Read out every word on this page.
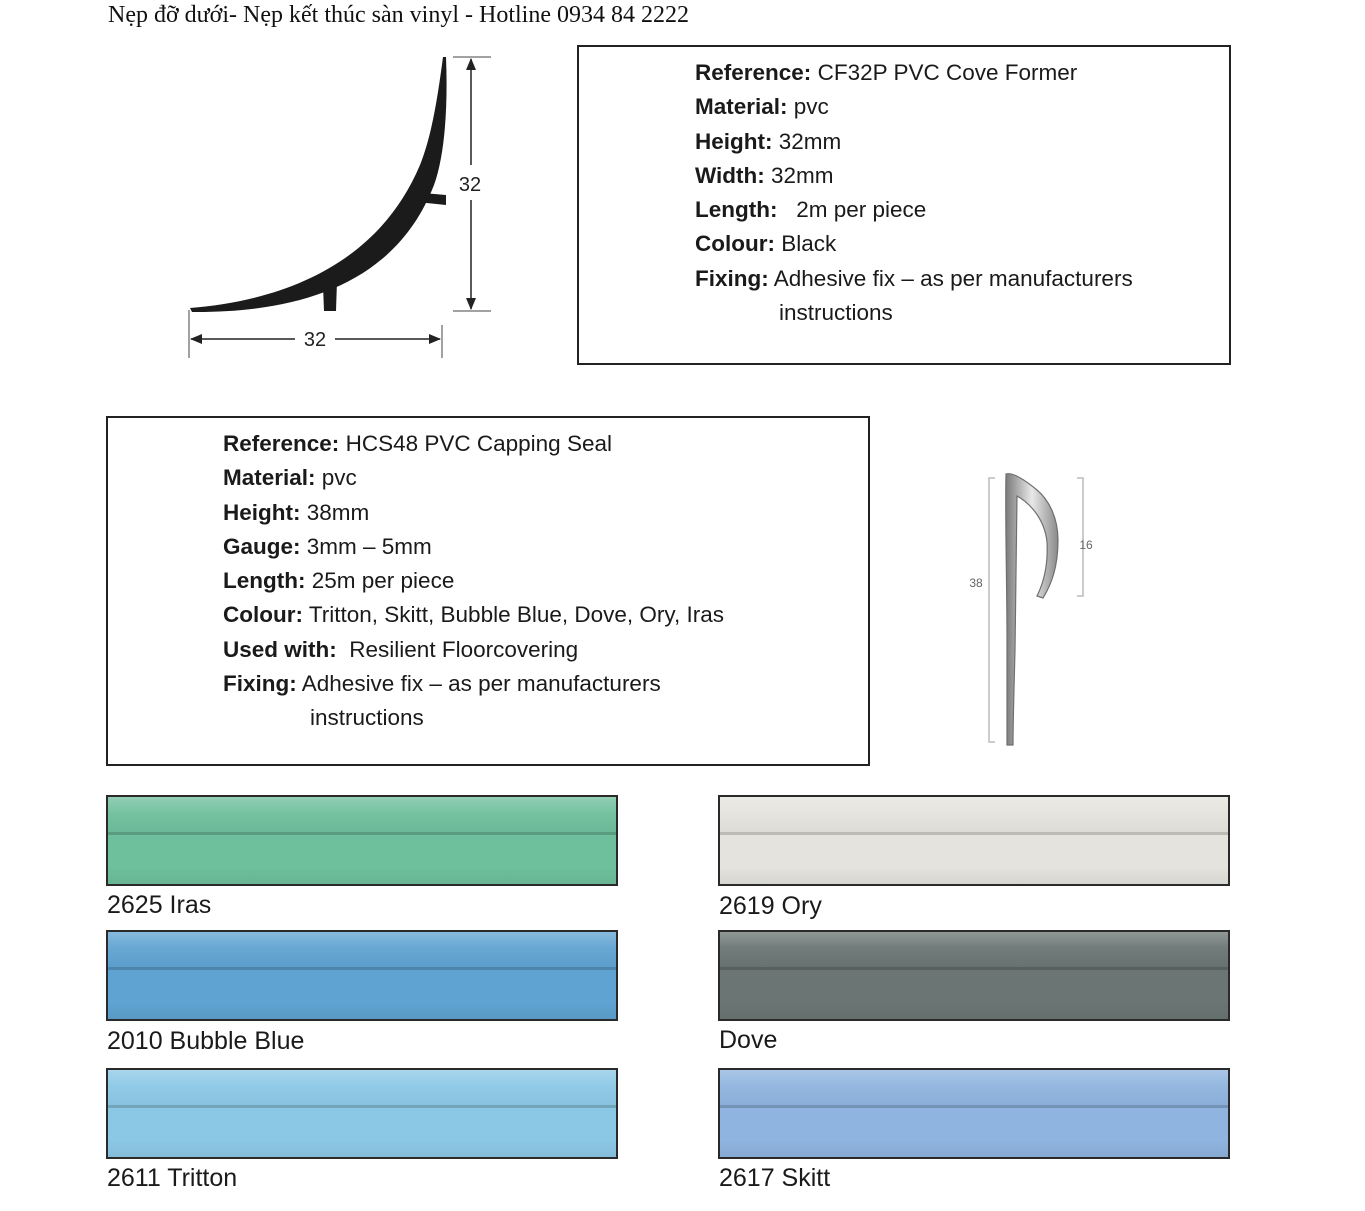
Nẹp đỡ dưới- Nẹp kết thúc sàn vinyl - Hotline 0934 84 2222
32
32
Reference: CF32P PVC Cove Former
Material: pvc
Height: 32mm
Width: 32mm
Length:   2m per piece
Colour: Black
Fixing: Adhesive fix – as per manufacturers
instructions
Reference: HCS48 PVC Capping Seal
Material: pvc
Height: 38mm
Gauge: 3mm – 5mm
Length: 25m per piece
Colour: Tritton, Skitt, Bubble Blue, Dove, Ory, Iras
Used with:  Resilient Floorcovering
Fixing: Adhesive fix – as per manufacturers
instructions
38
16
2625 Iras	2619 Ory
2010 Bubble Blue	Dove
2611 Tritton	2617 Skitt
